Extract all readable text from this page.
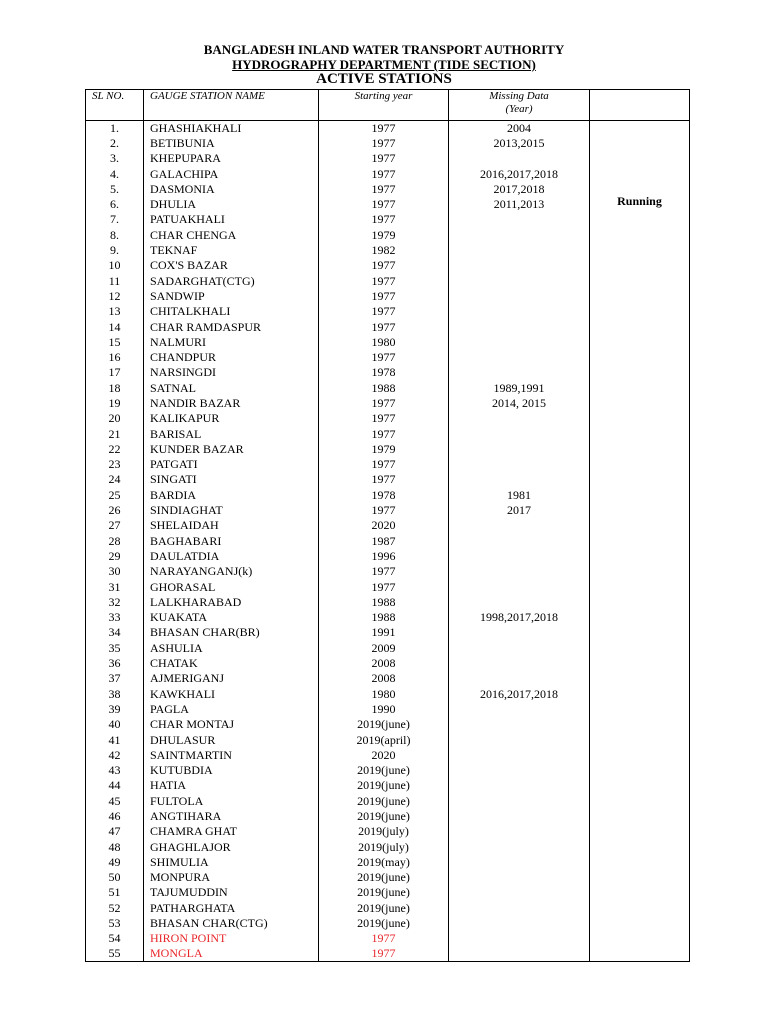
BANGLADESH INLAND WATER TRANSPORT AUTHORITY
HYDROGRAPHY DEPARTMENT (TIDE SECTION)
ACTIVE STATIONS
SL NO.	GAUGE STATION NAME	Starting year	Missing Data (Year)	
1.	GHASHIAKHALI	1977	2004	Running
2.	BETIBUNIA	1977	2013,2015	
3.	KHEPUPARA	1977		
4.	GALACHIPA	1977	2016,2017,2018	
5.	DASMONIA	1977	2017,2018	
6.	DHULIA	1977	2011,2013	
7.	PATUAKHALI	1977		
8.	CHAR CHENGA	1979		
9.	TEKNAF	1982		
10	COX'S BAZAR	1977		
11	SADARGHAT(CTG)	1977		
12	SANDWIP	1977		
13	CHITALKHALI	1977		
14	CHAR RAMDASPUR	1977		
15	NALMURI	1980		
16	CHANDPUR	1977		
17	NARSINGDI	1978		
18	SATNAL	1988	1989,1991	
19	NANDIR BAZAR	1977	2014, 2015	
20	KALIKAPUR	1977		
21	BARISAL	1977		
22	KUNDER BAZAR	1979		
23	PATGATI	1977		
24	SINGATI	1977		
25	BARDIA	1978	1981	
26	SINDIAGHAT	1977	2017	
27	SHELAIDAH	2020		
28	BAGHABARI	1987		
29	DAULATDIA	1996		
30	NARAYANGANJ(k)	1977		
31	GHORASAL	1977		
32	LALKHARABAD	1988		
33	KUAKATA	1988	1998,2017,2018	
34	BHASAN CHAR(BR)	1991		
35	ASHULIA	2009		
36	CHATAK	2008		
37	AJMERIGANJ	2008		
38	KAWKHALI	1980	2016,2017,2018	
39	PAGLA	1990		
40	CHAR MONTAJ	2019(june)		
41	DHULASUR	2019(april)		
42	SAINTMARTIN	2020		
43	KUTUBDIA	2019(june)		
44	HATIA	2019(june)		
45	FULTOLA	2019(june)		
46	ANGTIHARA	2019(june)		
47	CHAMRA GHAT	2019(july)		
48	GHAGHLAJOR	2019(july)		
49	SHIMULIA	2019(may)		
50	MONPURA	2019(june)		
51	TAJUMUDDIN	2019(june)		
52	PATHARGHATA	2019(june)		
53	BHASAN CHAR(CTG)	2019(june)		
54	HIRON POINT	1977		
55	MONGLA	1977		
